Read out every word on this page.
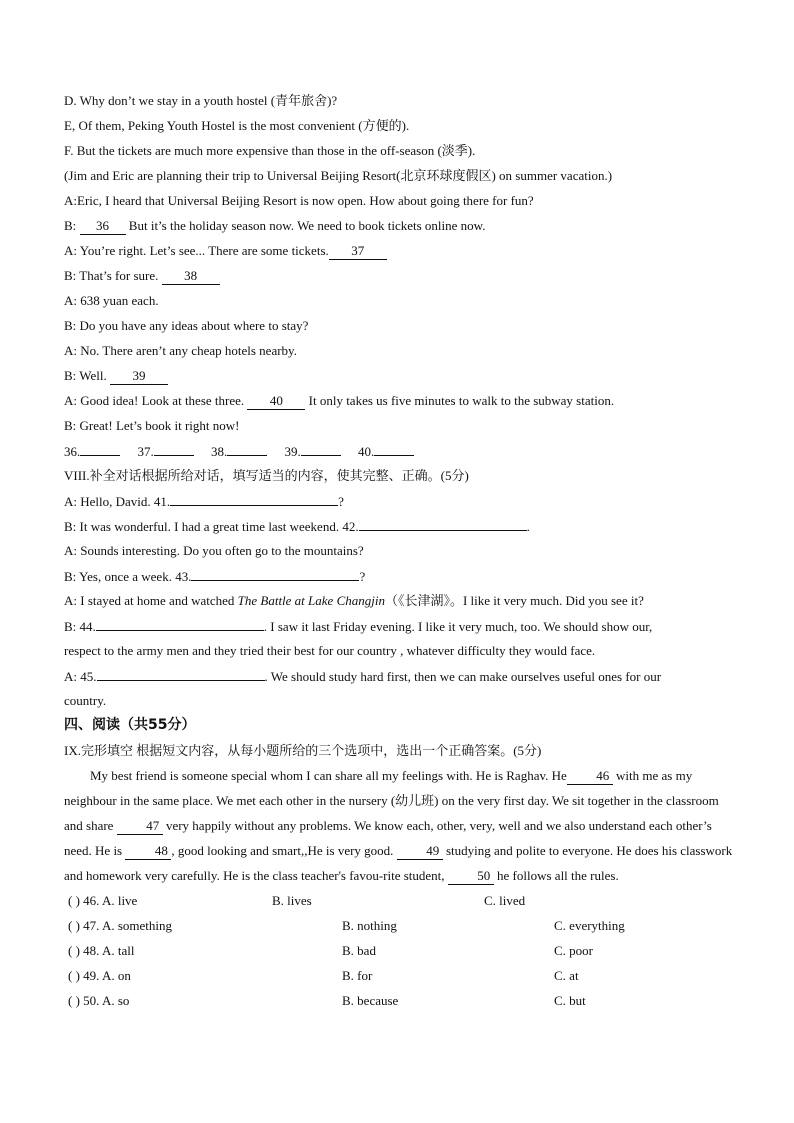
D. Why don’t we stay in a youth hostel (青年旅舍)?
E, Of them, Peking Youth Hostel is the most convenient (方便的).
F. But the tickets are much more expensive than those in the off-season (淡季).
(Jim and Eric are planning their trip to Universal Beijing Resort(北京环球度假区) on summer vacation.)
A:Eric, I heard that Universal Beijing Resort is now open. How about going there for fun?
B: 36 But it’s the holiday season now. We need to book tickets online now.
A: You’re right. Let’s see... There are some tickets. 37
B: That’s for sure. 38
A: 638 yuan each.
B: Do you have any ideas about where to stay?
A: No. There aren’t any cheap hotels nearby.
B: Well. 39
A: Good idea! Look at these three. 40 It only takes us five minutes to walk to the subway station.
B: Great! Let’s book it right now!
36.	37.	38.	39.	40.
VIII.补全对话根据所给对话，填写适当的内容，使其完整、正确。(5分)
A: Hello, David. 41.	?
B: It was wonderful. I had a great time last weekend. 42.	.
A: Sounds interesting. Do you often go to the mountains?
B: Yes, once a week. 43.	?
A: I stayed at home and watched The Battle at Lake Changjin（《长津湖》。I like it very much. Did you see it?
B: 44.	. I saw it last Friday evening. I like it very much, too. We should show our,
respect to the army men and they tried their best for our country , whatever difficulty they would face.
A: 45.	. We should study hard first, then we can make ourselves useful ones for our
country.
四、阅读（共55分）
IX.完形填空 根据短文内容，从每小题所给的三个选项中，选出一个正确答案。(5分)
My best friend is someone special whom I can share all my feelings with. He is Raghav. He 46 with me as my neighbour in the same place. We met each other in the nursery (幼儿班) on the very first day. We sit together in the classroom and share 47 very happily without any problems. We know each, other, very, well and we also understand each other’s need. He is 48 , good looking and smart,,He is very good. 49 studying and polite to everyone. He does his classwork and homework very carefully. He is the class teacher's favou-rite student, 50 he follows all the rules.
( ) 46. A. live	B. lives	C. lived
( ) 47. A. something	B. nothing	C. everything
( ) 48. A. tall	B. bad	C. poor
( ) 49. A. on	B. for	C. at
( ) 50. A. so	B. because	C. but
